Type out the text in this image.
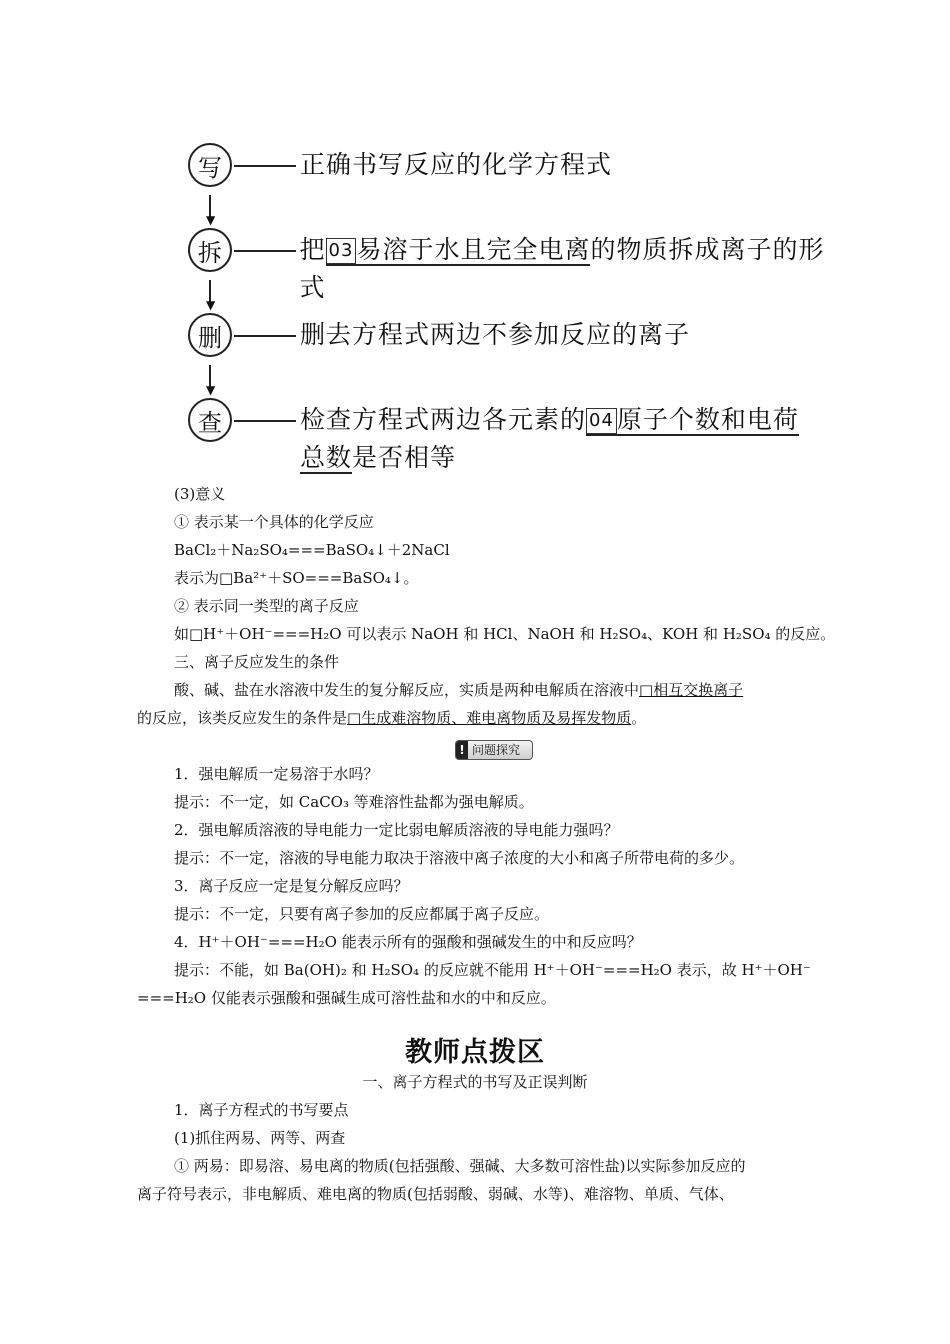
写	正确书写反应的化学方程式
▼
拆	把 03 易溶于水且完全电离的物质拆成离子的形式
▼
删	删去方程式两边不参加反应的离子
▼
查	检查方程式两边各元素的 04 原子个数和电荷
总数是否相等
(3)意义
① 表示某一个具体的化学反应
BaCl₂＋Na₂SO₄===BaSO₄↓＋2NaCl
表示为□Ba²⁺＋SO===BaSO₄↓。
② 表示同一类型的离子反应
如□H⁺＋OH⁻===H₂O 可以表示 NaOH 和 HCl、NaOH 和 H₂SO₄、KOH 和 H₂SO₄ 的反应。
三、离子反应发生的条件
酸、碱、盐在水溶液中发生的复分解反应，实质是两种电解质在溶液中□相互交换离子
的反应，该类反应发生的条件是□生成难溶物质、难电离物质及易挥发物质。
! 问题探究
1．强电解质一定易溶于水吗？
提示：不一定，如 CaCO₃ 等难溶性盐都为强电解质。
2．强电解质溶液的导电能力一定比弱电解质溶液的导电能力强吗？
提示：不一定，溶液的导电能力取决于溶液中离子浓度的大小和离子所带电荷的多少。
3．离子反应一定是复分解反应吗？
提示：不一定，只要有离子参加的反应都属于离子反应。
4．H⁺＋OH⁻===H₂O 能表示所有的强酸和强碱发生的中和反应吗？
提示：不能，如 Ba(OH)₂ 和 H₂SO₄ 的反应就不能用 H⁺＋OH⁻===H₂O 表示，故 H⁺＋OH⁻
===H₂O 仅能表示强酸和强碱生成可溶性盐和水的中和反应。
教师点拨区
一、离子方程式的书写及正误判断
1．离子方程式的书写要点
(1)抓住两易、两等、两查
① 两易：即易溶、易电离的物质(包括强酸、强碱、大多数可溶性盐)以实际参加反应的
离子符号表示，非电解质、难电离的物质(包括弱酸、弱碱、水等)、难溶物、单质、气体、
